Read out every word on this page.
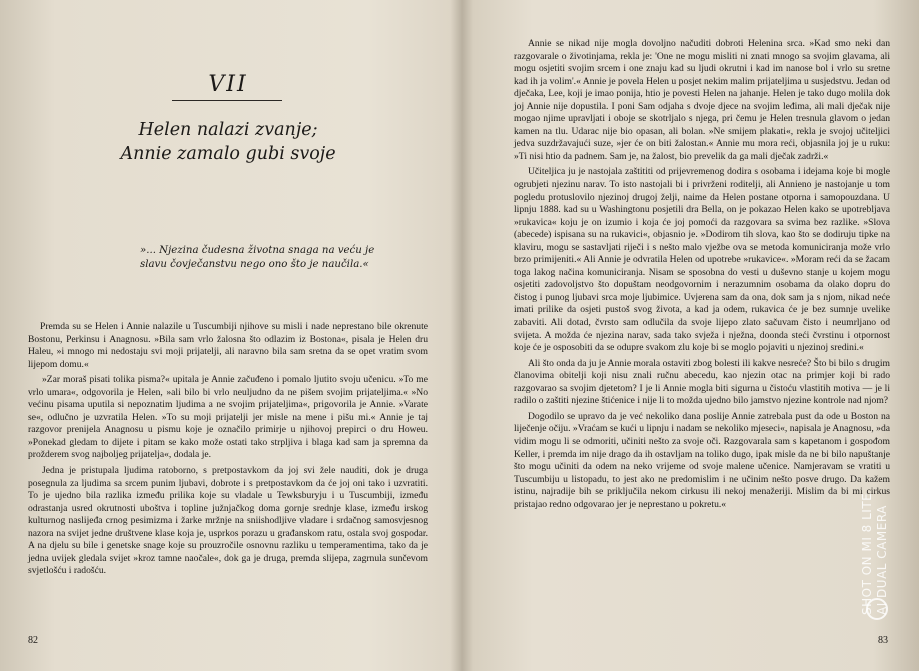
VII
Helen nalazi zvanje;
Annie zamalo gubi svoje
»... Njezina čudesna životna snaga na veću je slavu čovječanstvu nego ono što je naučila.«

Premda su se Helen i Annie nalazile u Tuscumbiji njihove su misli i nade neprestano bile okrenute Bostonu, Perkinsu i Anagnosu. »Bila sam vrlo žalosna što odlazim iz Bostona«, pisala je Helen dru Haleu, »i mnogo mi nedostaju svi moji prijatelji, ali naravno bila sam sretna da se opet vratim svom lijepom domu.«

»Zar moraš pisati tolika pisma?« upitala je Annie začuđeno i pomalo ljutito svoju učenicu. »To me vrlo umara«, odgovorila je Helen, »ali bilo bi vrlo neuljudno da ne pišem svojim prijateljima.« »No većinu pisama uputila si nepoznatim ljudima a ne svojim prijateljima«, prigovorila je Annie. »Varate se«, odlučno je uzvratila Helen. »To su moji prijatelji jer misle na mene i pišu mi.« Annie je taj razgovor prenijela Anagnosu u pismu koje je označilo primirje u njihovoj prepirci o dru Howeu. »Ponekad gledam to dijete i pitam se kako može ostati tako strpljiva i blaga kad sam ja spremna da prožderem svog najboljeg prijatelja«, dodala je.

Jedna je pristupala ljudima ratoborno, s pretpostavkom da joj svi žele nauditi, dok je druga posegnula za ljudima sa srcem punim ljubavi, dobrote i s pretpostavkom da će joj oni tako i uzvratiti. To je ujedno bila razlika između prilika koje su vladale u Tewksburyju i u Tuscumbiji, između odrastanja usred okrutnosti uboštva i topline južnjačkog doma gornje srednje klase, između irskog kulturnog naslijeđa crnog pesimizma i žarke mržnje na sniishodljive vladare i srdačnog samosvjesnog nazora na svijet jedne društvene klase koja je, usprkos porazu u građanskom ratu, ostala svoj gospodar. A na djelu su bile i genetske snage koje su prouzročile osnovnu razliku u temperamentima, tako da je jedna uvijek gledala svijet »kroz tamne naočale«, dok ga je druga, premda slijepa, zagrnula sunčevom svjetlošću i radošću.

82

Annie se nikad nije mogla dovoljno načuditi dobroti Helenina srca. »Kad smo neki dan razgovarale o životinjama, rekla je: 'One ne mogu misliti ni znati mnogo sa svojim glavama, ali mogu osjetiti svojim srcem i one znaju kad su ljudi okrutni i kad im nanose bol i vrlo su sretne kad ih ja volim'.« Annie je povela Helen u posjet nekim malim prijateljima u susjedstvu. Jedan od dječaka, Lee, koji je imao ponija, htio je povesti Helen na jahanje. Helen je tako dugo molila dok joj Annie nije dopustila. I poni Sam odjaha s dvoje djece na svojim leđima, ali mali dječak nije mogao njime upravljati i oboje se skotrljalo s njega, pri čemu je Helen tresnula glavom o jedan kamen na tlu. Udarac nije bio opasan, ali bolan. »Ne smijem plakati«, rekla je svojoj učiteljici jedva suzdržavajući suze, »jer će on biti žalostan.« Annie mu mora reći, objasnila joj je u ruku: »Ti nisi htio da padnem. Sam je, na žalost, bio prevelik da ga mali dječak zadrži.«

Učiteljica ju je nastojala zaštititi od prijevremenog dodira s osobama i idejama koje bi mogle ogrubjeti njezinu narav. To isto nastojali bi i privrženi roditelji, ali Annieno je nastojanje u tom pogledu protuslovilo njezinoj drugoj želji, naime da Helen postane otporna i samopouzdana. U lipnju 1888. kad su u Washingtonu posjetili dra Bella, on je pokazao Helen kako se upotrebljava »rukavica« koju je on izumio i koja će joj pomoći da razgovara sa svima bez razlike. »Slova (abecede) ispisana su na rukavici«, objasnio je. »Dodirom tih slova, kao što se dodiruju tipke na klaviru, mogu se sastavljati riječi i s nešto malo vježbe ova se metoda komuniciranja može vrlo brzo primijeniti.« Ali Annie je odvratila Helen od upotrebe »rukavice«. »Moram reći da se žacam toga lakog načina komuniciranja. Nisam se sposobna do vesti u duševno stanje u kojem mogu osjetiti zadovoljstvo što dopuštam neodgovornim i nerazumnim osobama da olako dopru do čistog i punog ljubavi srca moje ljubimice. Uvjerena sam da ona, dok sam ja s njom, nikad neće imati prilike da osjeti pustoš svog života, a kad ja odem, rukavica će je bez sumnje uvelike zabaviti. Ali dotad, čvrsto sam odlučila da svoje lijepo zlato sačuvam čisto i neumrljano od svijeta. A možda će njezina narav, sada tako svježa i nježna, doonda steći čvrstinu i otpornost koje će je osposobiti da se odupre svakom zlu koje bi se moglo pojaviti u njezinoj sredini.«

Ali što onda da ju je Annie morala ostaviti zbog bolesti ili kakve nesreće? Što bi bilo s drugim članovima obitelji koji nisu znali ručnu abecedu, kao njezin otac na primjer koji bi rado razgovarao sa svojim djetetom? I je li Annie mogla biti sigurna u čistoću vlastitih motiva — je li radilo o zaštiti njezine štićenice i nije li to možda ujedno bilo jamstvo njezine kontrole nad njom?

Dogodilo se upravo da je već nekoliko dana poslije Annie zatrebala pust da ode u Boston na liječenje očiju. »Vraćam se kući u lipnju i nadam se nekoliko mjeseci«, napisala je Anagnosu, »da vidim mogu li se odmoriti, učiniti nešto za svoje oči. Razgovarala sam s kapetanom i gospođom Keller, i premda im nije drago da ih ostavljam na toliko dugo, ipak misle da ne bi bilo napuštanje što mogu učiniti da odem na neko vrijeme od svoje malene učenice. Namjeravam se vratiti u Tuscumbiju u listopadu, to jest ako ne predomislim i ne učinim nešto posve drugo. Da kažem istinu, najradije bih se priključila nekom cirkusu ili nekoj menažeriji. Mislim da bi mi cirkus pristajao redno odgovarao jer je neprestano u pokretu.«

83
SHOT ON MI 8 LITE AI DUAL CAMERA
